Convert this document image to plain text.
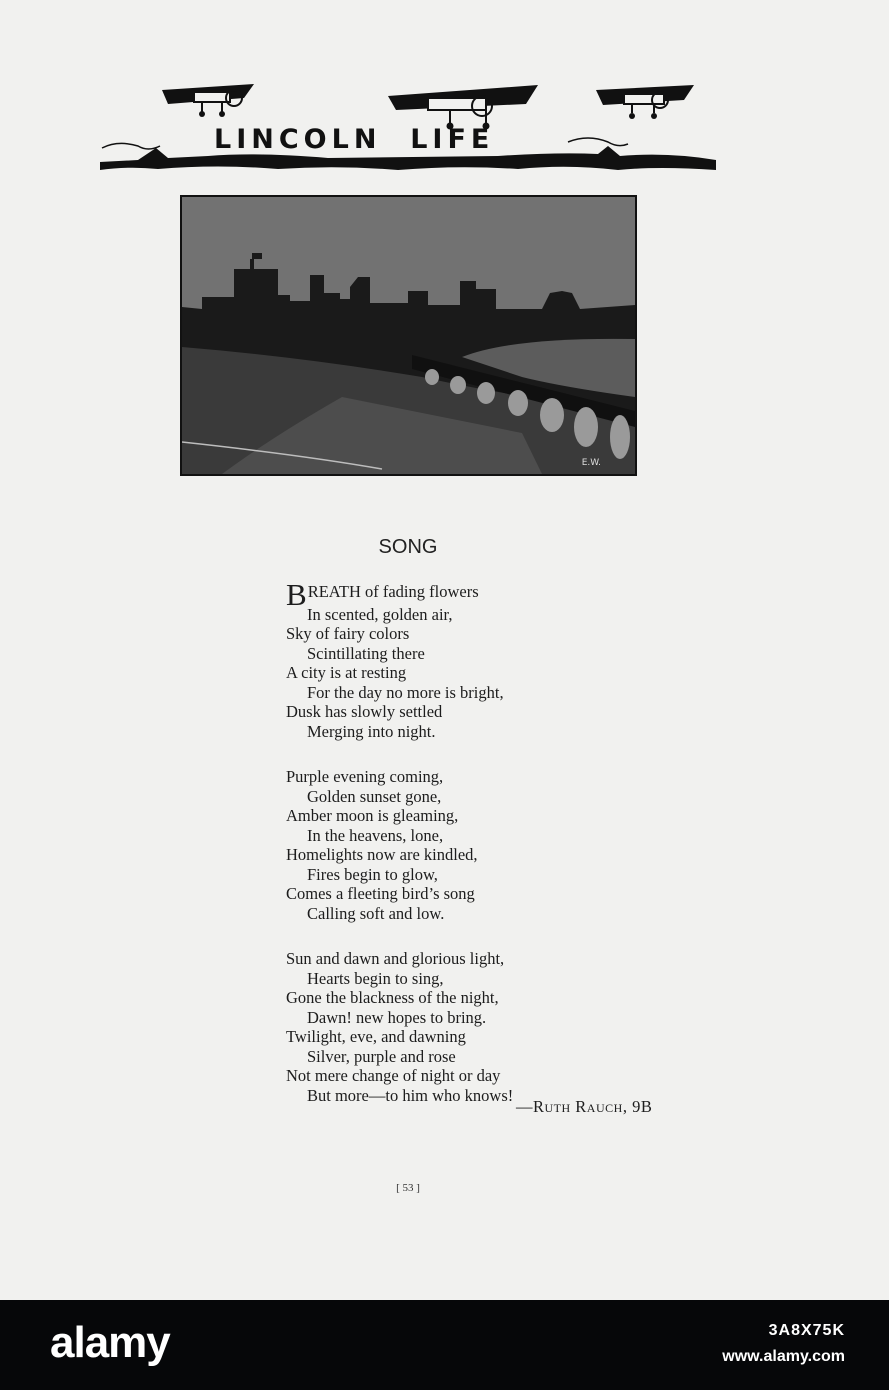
LINCOLN  LIFE
E.W.
SONG
BREATH of fading flowers
In scented, golden air,
Sky of fairy colors
Scintillating there
A city is at resting
For the day no more is bright,
Dusk has slowly settled
Merging into night.
Purple evening coming,
Golden sunset gone,
Amber moon is gleaming,
In the heavens, lone,
Homelights now are kindled,
Fires begin to glow,
Comes a fleeting bird’s song
Calling soft and low.
Sun and dawn and glorious light,
Hearts begin to sing,
Gone the blackness of the night,
Dawn! new hopes to bring.
Twilight, eve, and dawning
Silver, purple and rose
Not mere change of night or day
But more—to him who knows!
—Ruth Rauch, 9B
[ 53 ]
alamy	3A8X75K
www.alamy.com
